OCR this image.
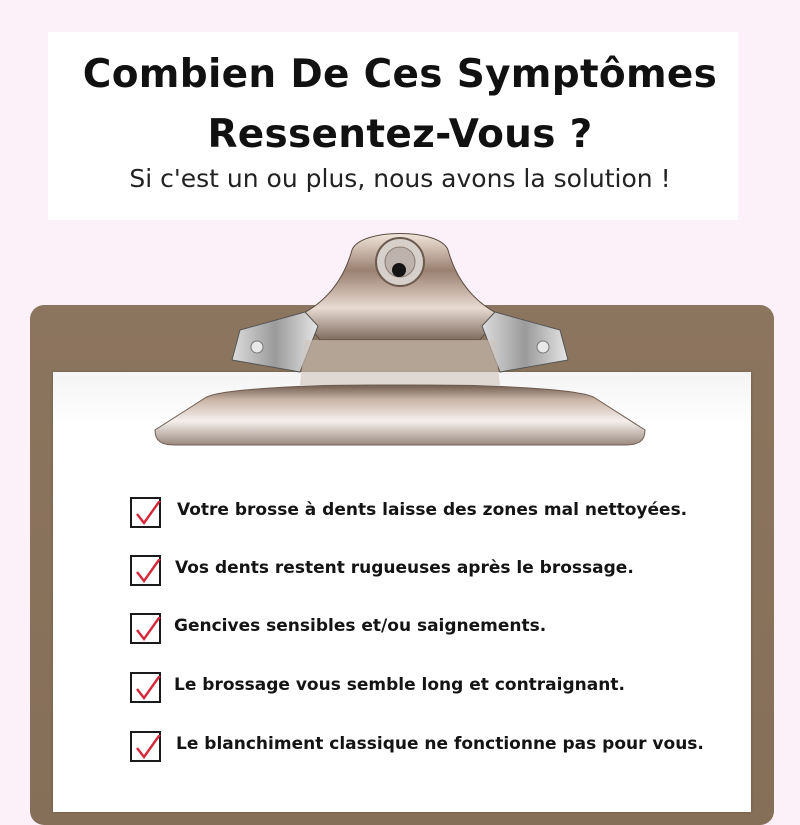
Combien De Ces Symptômes
Ressentez-Vous ?
Si c'est un ou plus, nous avons la solution !
Votre brosse à dents laisse des zones mal nettoyées.
Vos dents restent rugueuses après le brossage.
Gencives sensibles et/ou saignements.
Le brossage vous semble long et contraignant.
Le blanchiment classique ne fonctionne pas pour vous.
